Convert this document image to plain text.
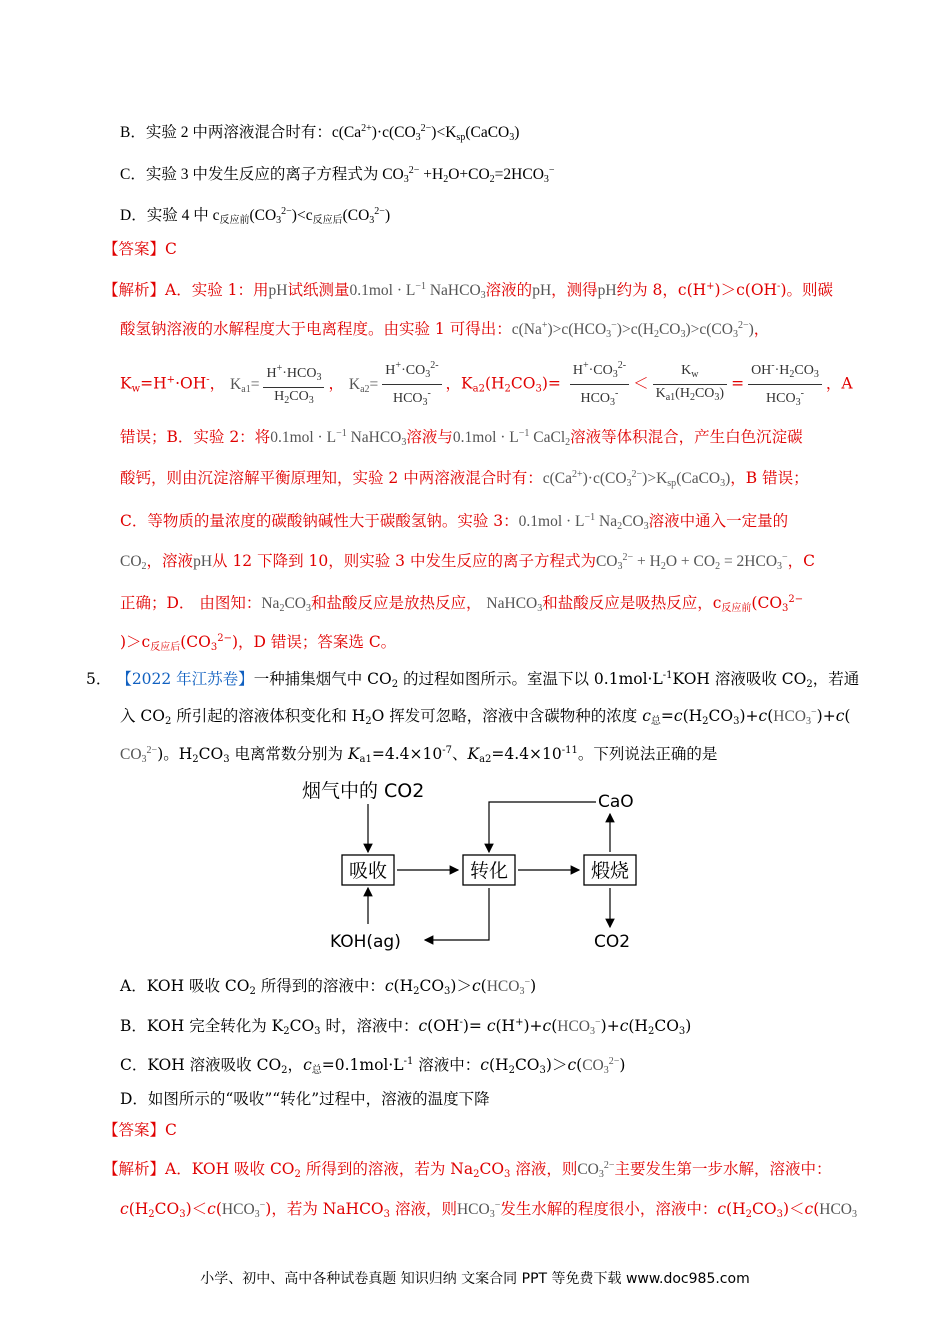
B．实验 2 中两溶液混合时有：$c(Ca^{2+})\cdot c(CO_3^{2-})<K_{sp}(CaCO_3)$
C．实验 3 中发生反应的离子方程式为 $CO_3^{2-} +H_2O+CO_2=2HCO_3^-$
D．实验 4 中 $c_{反应前}(CO_3^{2-})<c_{反应后}(CO_3^{2-})$
【答案】C
【解析】A．实验 1：用pH试纸测量$0.1mol \cdot L^{-1}$ NaHCO$_3$溶液的pH，测得pH约为 8，c(H+)＞c(OH-)。则碳
酸氢钠溶液的水解程度大于电离程度。由实验 1 可得出：$c(Na^+)>c(HCO_3^-)>c(H_2CO_3)>c(CO_3^{2-})$，
$K_w=H^+\cdot OH^-$， $K_{a1}= \frac{H^+\cdot HCO_3}{H_2CO_3}$ ， $K_{a2}= \frac{H^+\cdot CO_3^{2-}}{HCO_3^-}$ ，$K_{a2}(H_2CO_3)= \frac{H^+\cdot CO_3^{2-}}{HCO_3^-} < \frac{K_w}{K_{a1}(H_2CO_3)} = \frac{OH^-\cdot H_2CO_3}{HCO_3^-}$ ，A
错误；B．实验 2：将$0.1mol \cdot L^{-1}$ NaHCO$_3$溶液与$0.1mol \cdot L^{-1}$ CaCl$_2$溶液等体积混合，产生白色沉淀碳
酸钙，则由沉淀溶解平衡原理知，实验 2 中两溶液混合时有：$c(Ca^{2+})\cdot c(CO_3^{2-})>K_{sp}(CaCO_3)$，B 错误；
C．等物质的量浓度的碳酸钠碱性大于碳酸氢钠。实验 3：$0.1mol \cdot L^{-1}$ $Na_2CO_3$溶液中通入一定量的
$CO_2$，溶液pH从 12 下降到 10，则实验 3 中发生反应的离子方程式为$CO_3^{2-} + H_2O + CO_2 = 2HCO_3^-$，C
正确；D． 由图知：$Na_2CO_3$和盐酸反应是放热反应， NaHCO$_3$和盐酸反应是吸热反应，$c_{反应前}(CO_3^{2-}$
)$>c_{反应后}(CO_3^{2-})$，D 错误；答案选 C。
5． 【2022 年江苏卷】一种捕集烟气中 $CO_2$ 的过程如图所示。室温下以 $0.1mol\cdot L^{-1}KOH$ 溶液吸收 $CO_2$，若通
入 $CO_2$ 所引起的溶液体积变化和 $H_2O$ 挥发可忽略，溶液中含碳物种的浓度 $c_总=c(H_2CO_3)+c(HCO_3^-)+c$(
$CO_3^{2-}$)。$H_2CO_3$ 电离常数分别为 $K_{a1}=4.4\times 10^{-7}$、$K_{a2}=4.4\times 10^{-11}$。下列说法正确的是
烟气中的 CO2
吸收	转化	煅烧
CaO
KOH(ag)	CO2
A．KOH 吸收 $CO_2$ 所得到的溶液中：$c(H_2CO_3)>c(HCO_3^-)$
B．KOH 完全转化为 $K_2CO_3$ 时，溶液中：$c(OH^-)= c(H^+)+c(HCO_3^-)+c(H_2CO_3)$
C．KOH 溶液吸收 $CO_2$，$c_总=0.1mol\cdot L^{-1}$ 溶液中：$c(H_2CO_3)>c(CO_3^{2-})$
D．如图所示的“吸收”“转化”过程中，溶液的温度下降
【答案】C
【解析】A．KOH 吸收 $CO_2$ 所得到的溶液，若为 $Na_2CO_3$ 溶液，则$CO_3^{2-}$主要发生第一步水解，溶液中：
$c(H_2CO_3)<c(HCO_3^-)$，若为 NaHCO$_3$ 溶液，则$HCO_3^-$发生水解的程度很小，溶液中：$c(H_2CO_3)<c(HCO_3$
小学、初中、高中各种试卷真题 知识归纳 文案合同 PPT 等免费下载 www.doc985.com
